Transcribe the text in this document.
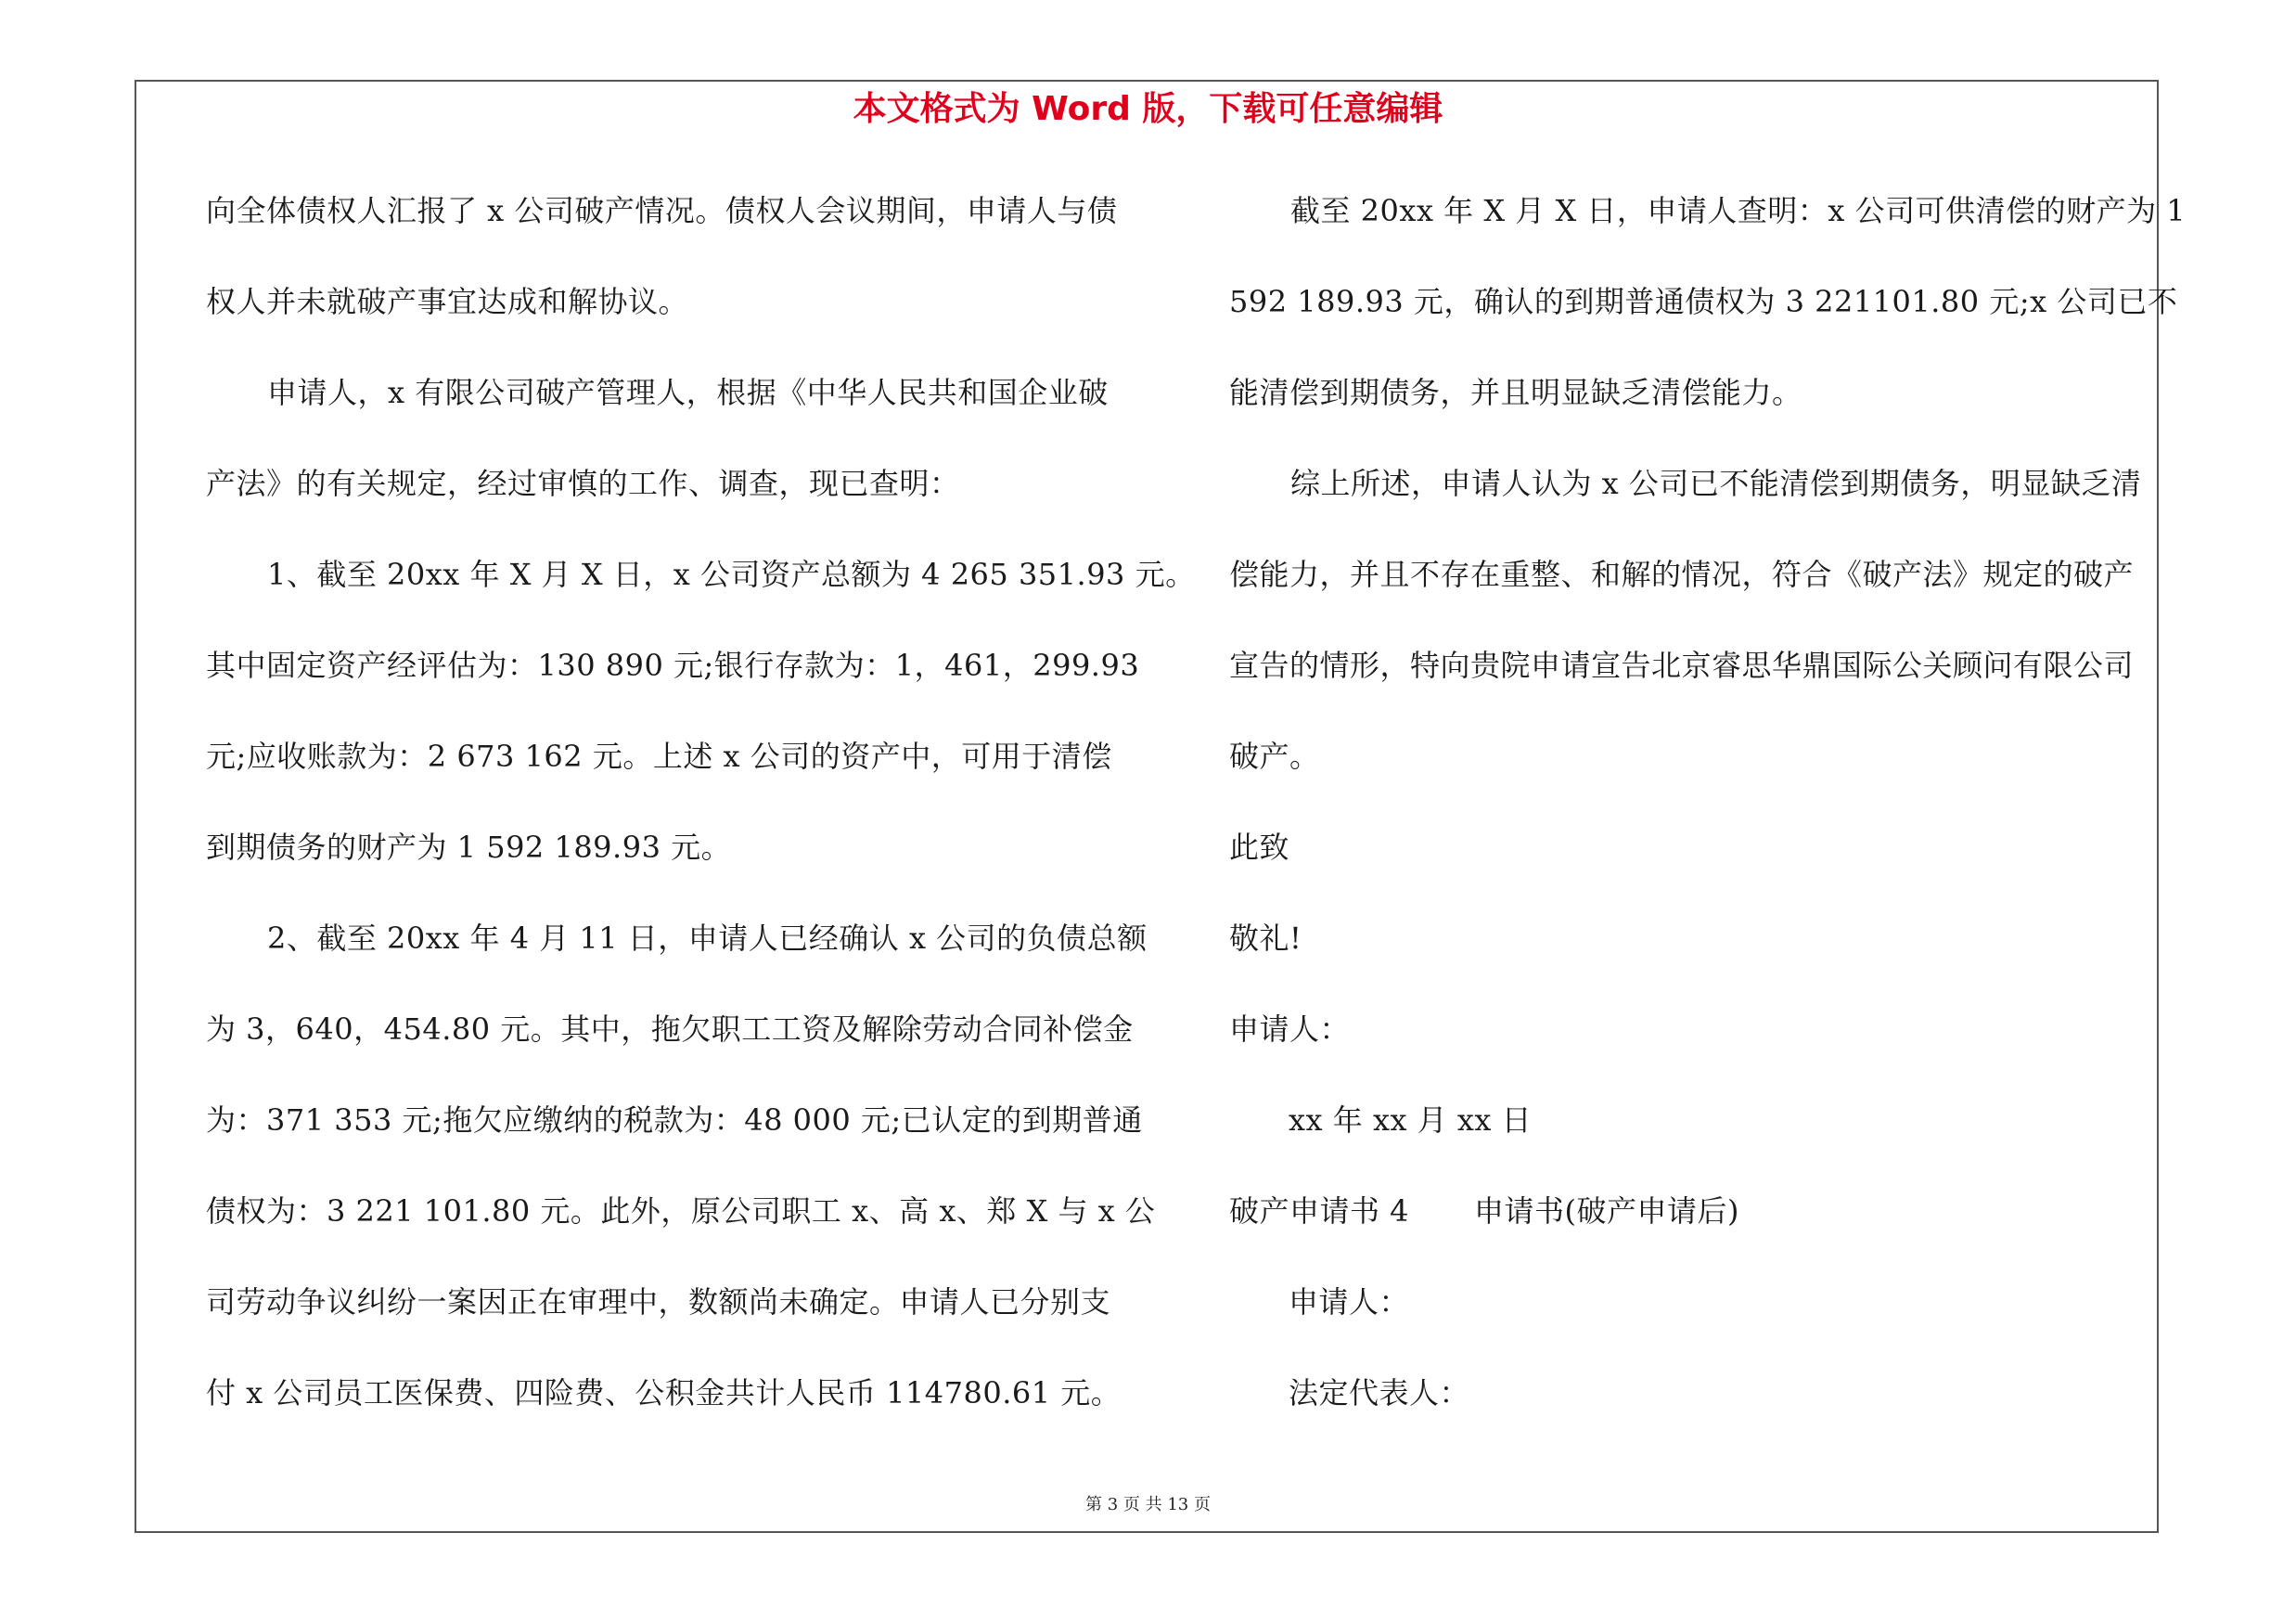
本文格式为 Word 版，下载可任意编辑
向全体债权人汇报了 x 公司破产情况。债权人会议期间，申请人与债
权人并未就破产事宜达成和解协议。
申请人，x 有限公司破产管理人，根据《中华人民共和国企业破
产法》的有关规定，经过审慎的工作、调查，现已查明：
1、截至 20xx 年 X 月 X 日，x 公司资产总额为 4 265 351.93 元。
其中固定资产经评估为：130 890 元;银行存款为：1，461，299.93
元;应收账款为：2 673 162 元。上述 x 公司的资产中，可用于清偿
到期债务的财产为 1 592 189.93 元。
2、截至 20xx 年 4 月 11 日，申请人已经确认 x 公司的负债总额
为 3，640，454.80 元。其中，拖欠职工工资及解除劳动合同补偿金
为：371 353 元;拖欠应缴纳的税款为：48 000 元;已认定的到期普通
债权为：3 221 101.80 元。此外，原公司职工 x、高 x、郑 X 与 x 公
司劳动争议纠纷一案因正在审理中，数额尚未确定。申请人已分别支
付 x 公司员工医保费、四险费、公积金共计人民币 114780.61 元。
截至 20xx 年 X 月 X 日，申请人查明：x 公司可供清偿的财产为 1
592 189.93 元，确认的到期普通债权为 3 221101.80 元;x 公司已不
能清偿到期债务，并且明显缺乏清偿能力。
综上所述，申请人认为 x 公司已不能清偿到期债务，明显缺乏清
偿能力，并且不存在重整、和解的情况，符合《破产法》规定的破产
宣告的情形，特向贵院申请宣告北京睿思华鼎国际公关顾问有限公司
破产。
此致
敬礼!
申请人：
xx 年 xx 月 xx 日
破产申请书 4 申请书(破产申请后)
申请人：
法定代表人：
第 3 页 共 13 页
